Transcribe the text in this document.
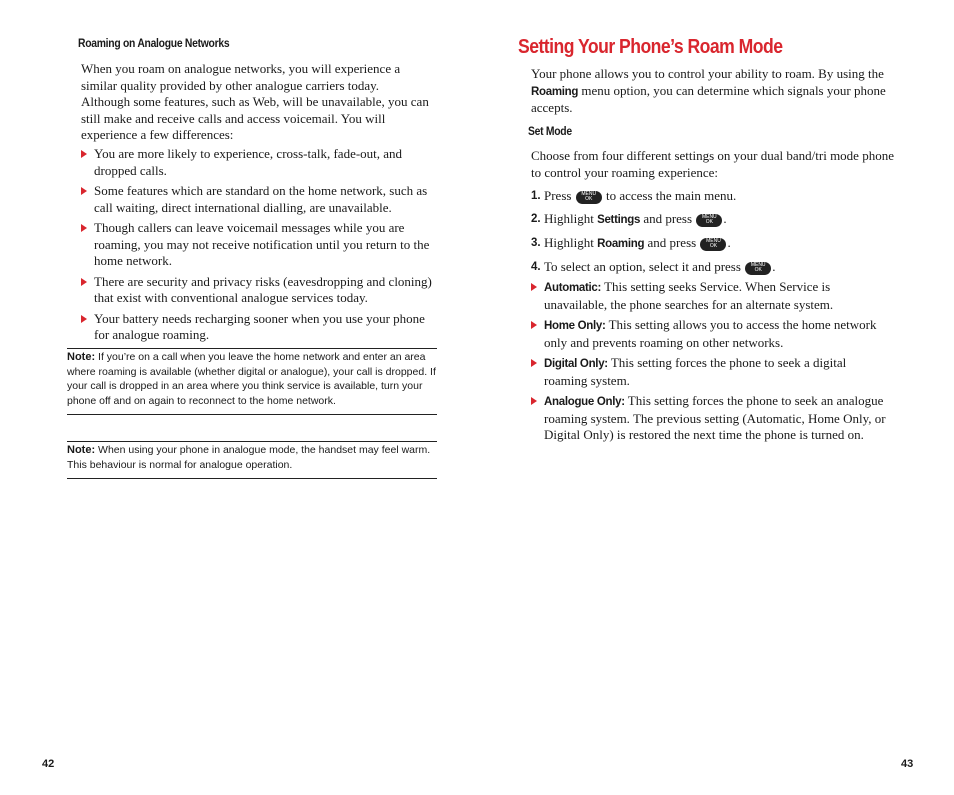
Roaming on Analogue Networks
When you roam on analogue networks, you will experience a similar quality provided by other analogue carriers today. Although some features, such as Web, will be unavailable, you can still make and receive calls and access voicemail. You will experience a few differences:
You are more likely to experience, cross-talk, fade-out, and dropped calls.
Some features which are standard on the home network, such as call waiting, direct international dialling, are unavailable.
Though callers can leave voicemail messages while you are roaming, you may not receive notification until you return to the home network.
There are security and privacy risks (eavesdropping and cloning) that exist with conventional analogue services today.
Your battery needs recharging sooner when you use your phone for analogue roaming.
Note: If you’re on a call when you leave the home network and enter an area where roaming is available (whether digital or analogue), your call is dropped. If your call is dropped in an area where you think service is available, turn your phone off and on again to reconnect to the home network.
Note: When using your phone in analogue mode, the handset may feel warm. This behaviour is normal for analogue operation.
42
Setting Your Phone’s Roam Mode
Your phone allows you to control your ability to roam. By using the Roaming menu option, you can determine which signals your phone accepts.
Set Mode
Choose from four different settings on your dual band/tri mode phone to control your roaming experience:
1. Press	MENU
OK	to access the main menu.
2. Highlight Settings and press	MENU
OK .
3. Highlight Roaming and press	MENU
OK .
4. To select an option, select it and press	MENU
OK .
Automatic: This setting seeks Service. When Service is unavailable, the phone searches for an alternate system.
Home Only: This setting allows you to access the home network only and prevents roaming on other networks.
Digital Only: This setting forces the phone to seek a digital roaming system.
Analogue Only: This setting forces the phone to seek an analogue roaming system. The previous setting (Automatic, Home Only, or Digital Only) is restored the next time the phone is turned on.
43
